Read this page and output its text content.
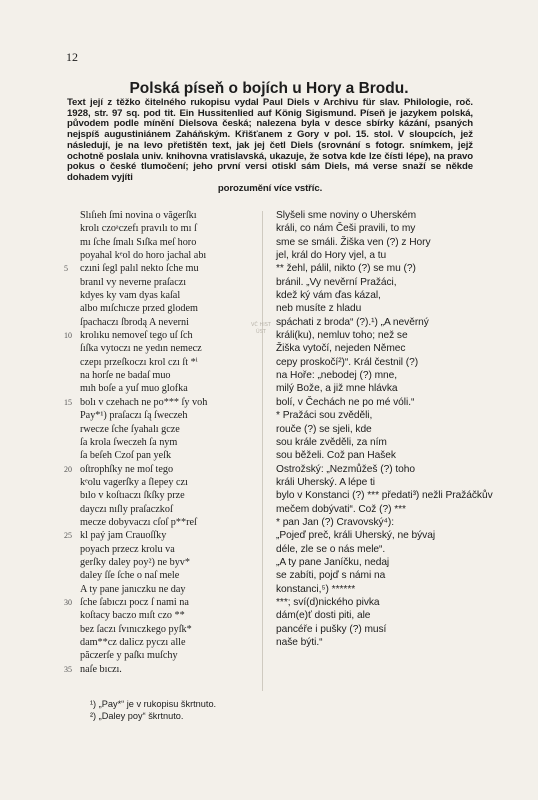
12
Polská píseň o bojích u Hory a Brodu.

Text její z těžko čitelného rukopisu vydal Paul Diels v Archivu für slav. Philologie, roč. 1928, str. 97 sq. pod tit. Ein Hussitenlied auf König Sigismund. Píseň je jazykem polská, původem podle mínění Dielsova česká; nalezena byla v desce sbírky kázání, psaných nejspíš augustiniánem Zaháňským. Křišťanem z Gory v pol. 15. stol. V sloupcích, jež následují, je na levo přetištěn text, jak jej četl Diels (srovnání s fotogr. snímkem, jejž ochotně poslala univ. knihovna vratislavská, ukazuje, že sotva kde lze čísti lépe), na pravo pokus o české tlumočení; jeho první versi otiskl sám Diels, má verse snaží se někde dohadem vyjíti
porozumění více vstříc.

VČ HIST ÚST
Slıſıeh ſmi novina o văgerſkı
krolı czoᵃczefı pravılı to mı ſ
mı ſche ſmalı Sıſka meſ horo
poyahal kᵉol do horo jachal abı
czıni ſegl palıl nekto ſche mu
branıl vy neverne praſaczı
kdyes ky vam dyas kaſal
albo mıſchıcze przed glodem
ſpachaczı ſbrodą A neverni
krolıku nemoveſ tego uſ ſch
ſıſka vytoczı ne yedın nemecz
czepı przeſkoczı krol czı ſt *ⁱ
na horſe ne badaſ muo
mıh boſe a yuſ muo glofka
bolı v czehach ne po*** ſy voh
Pay*¹) praſaczı ſą ſweczeh
rwecze ſche ſyahalı gcze
ſa krola ſweczeh ſa nym
ſa beſeh Czoſ pan yeſk
oſtrophſky ne moſ tego
kᵉolu vagerſky a ſlepey czı
bılo v koſtıaczı ſkſky prze
dayczı nıſly praſaczkoſ
mecze dobyvaczı cſoſ p**reſ
kl paý jam Crauoſſky
poyach przecz krolu va
gerſky daley poy²) ne byv*
daley ſſe ſche o naſ mele
A ty pane janıczku ne day
ſche ſabıczı pocz ſ nami na
koſtacy baczo mıſt czo **
bez ſaczı ſvınıczkego pyſk*
dam**cz dalicz pyczı alle
păczerſe y paſkı muſchy
naſe bıczı.
Slyšeli sme noviny o Uherském
králi, co nám Češi pravili, to my
sme se smáli. Žiška ven (?) z Hory
jel, král do Hory vjel, a tu
** žehl, pálil, nikto (?) se mu (?)
bránil. „Vy nevěrní Pražáci,
kdež ký vám ďas kázal,
neb musíte z hladu
spáchati z broda“ (?).¹) „A nevěrný
králi(ku), nemluv toho; než se
Žiška vytočí, nejeden Němec
cepy proskočí²)“. Král čestnil (?)
na Hoře: „nebodej (?) mne,
milý Bože, a již mne hlávka
bolí, v Čechách ne po mé vóli.“
* Pražáci sou zvěděli,
rouče (?) se sjeli, kde
sou krále zvěděli, za ním
sou běželi. Což pan Hašek
Ostrožský: „Nezmůžeš (?) toho
králi Uherský. A lépe ti
bylo v Konstanci (?) *** předati³) nežli Pražáčkův
mečem dobývati“. Což (?) ***
* pan Jan (?) Cravovský⁴):
„Pojeď preč, králi Uherský, ne bývaj
déle, zle se o nás mele“.
„A ty pane Janíčku, nedaj
se zabíti, pojď s námi na
konstanci,⁵) ******
***; sví(d)nického pivka
dám(e)ť dosti piti, ale
pancéře i pušky (?) musí
naše býti.“
5
10
15
20
25
30
35
¹) „Pay*“ je v rukopisu škrtnuto.
²) „Daley poy“ škrtnuto.
